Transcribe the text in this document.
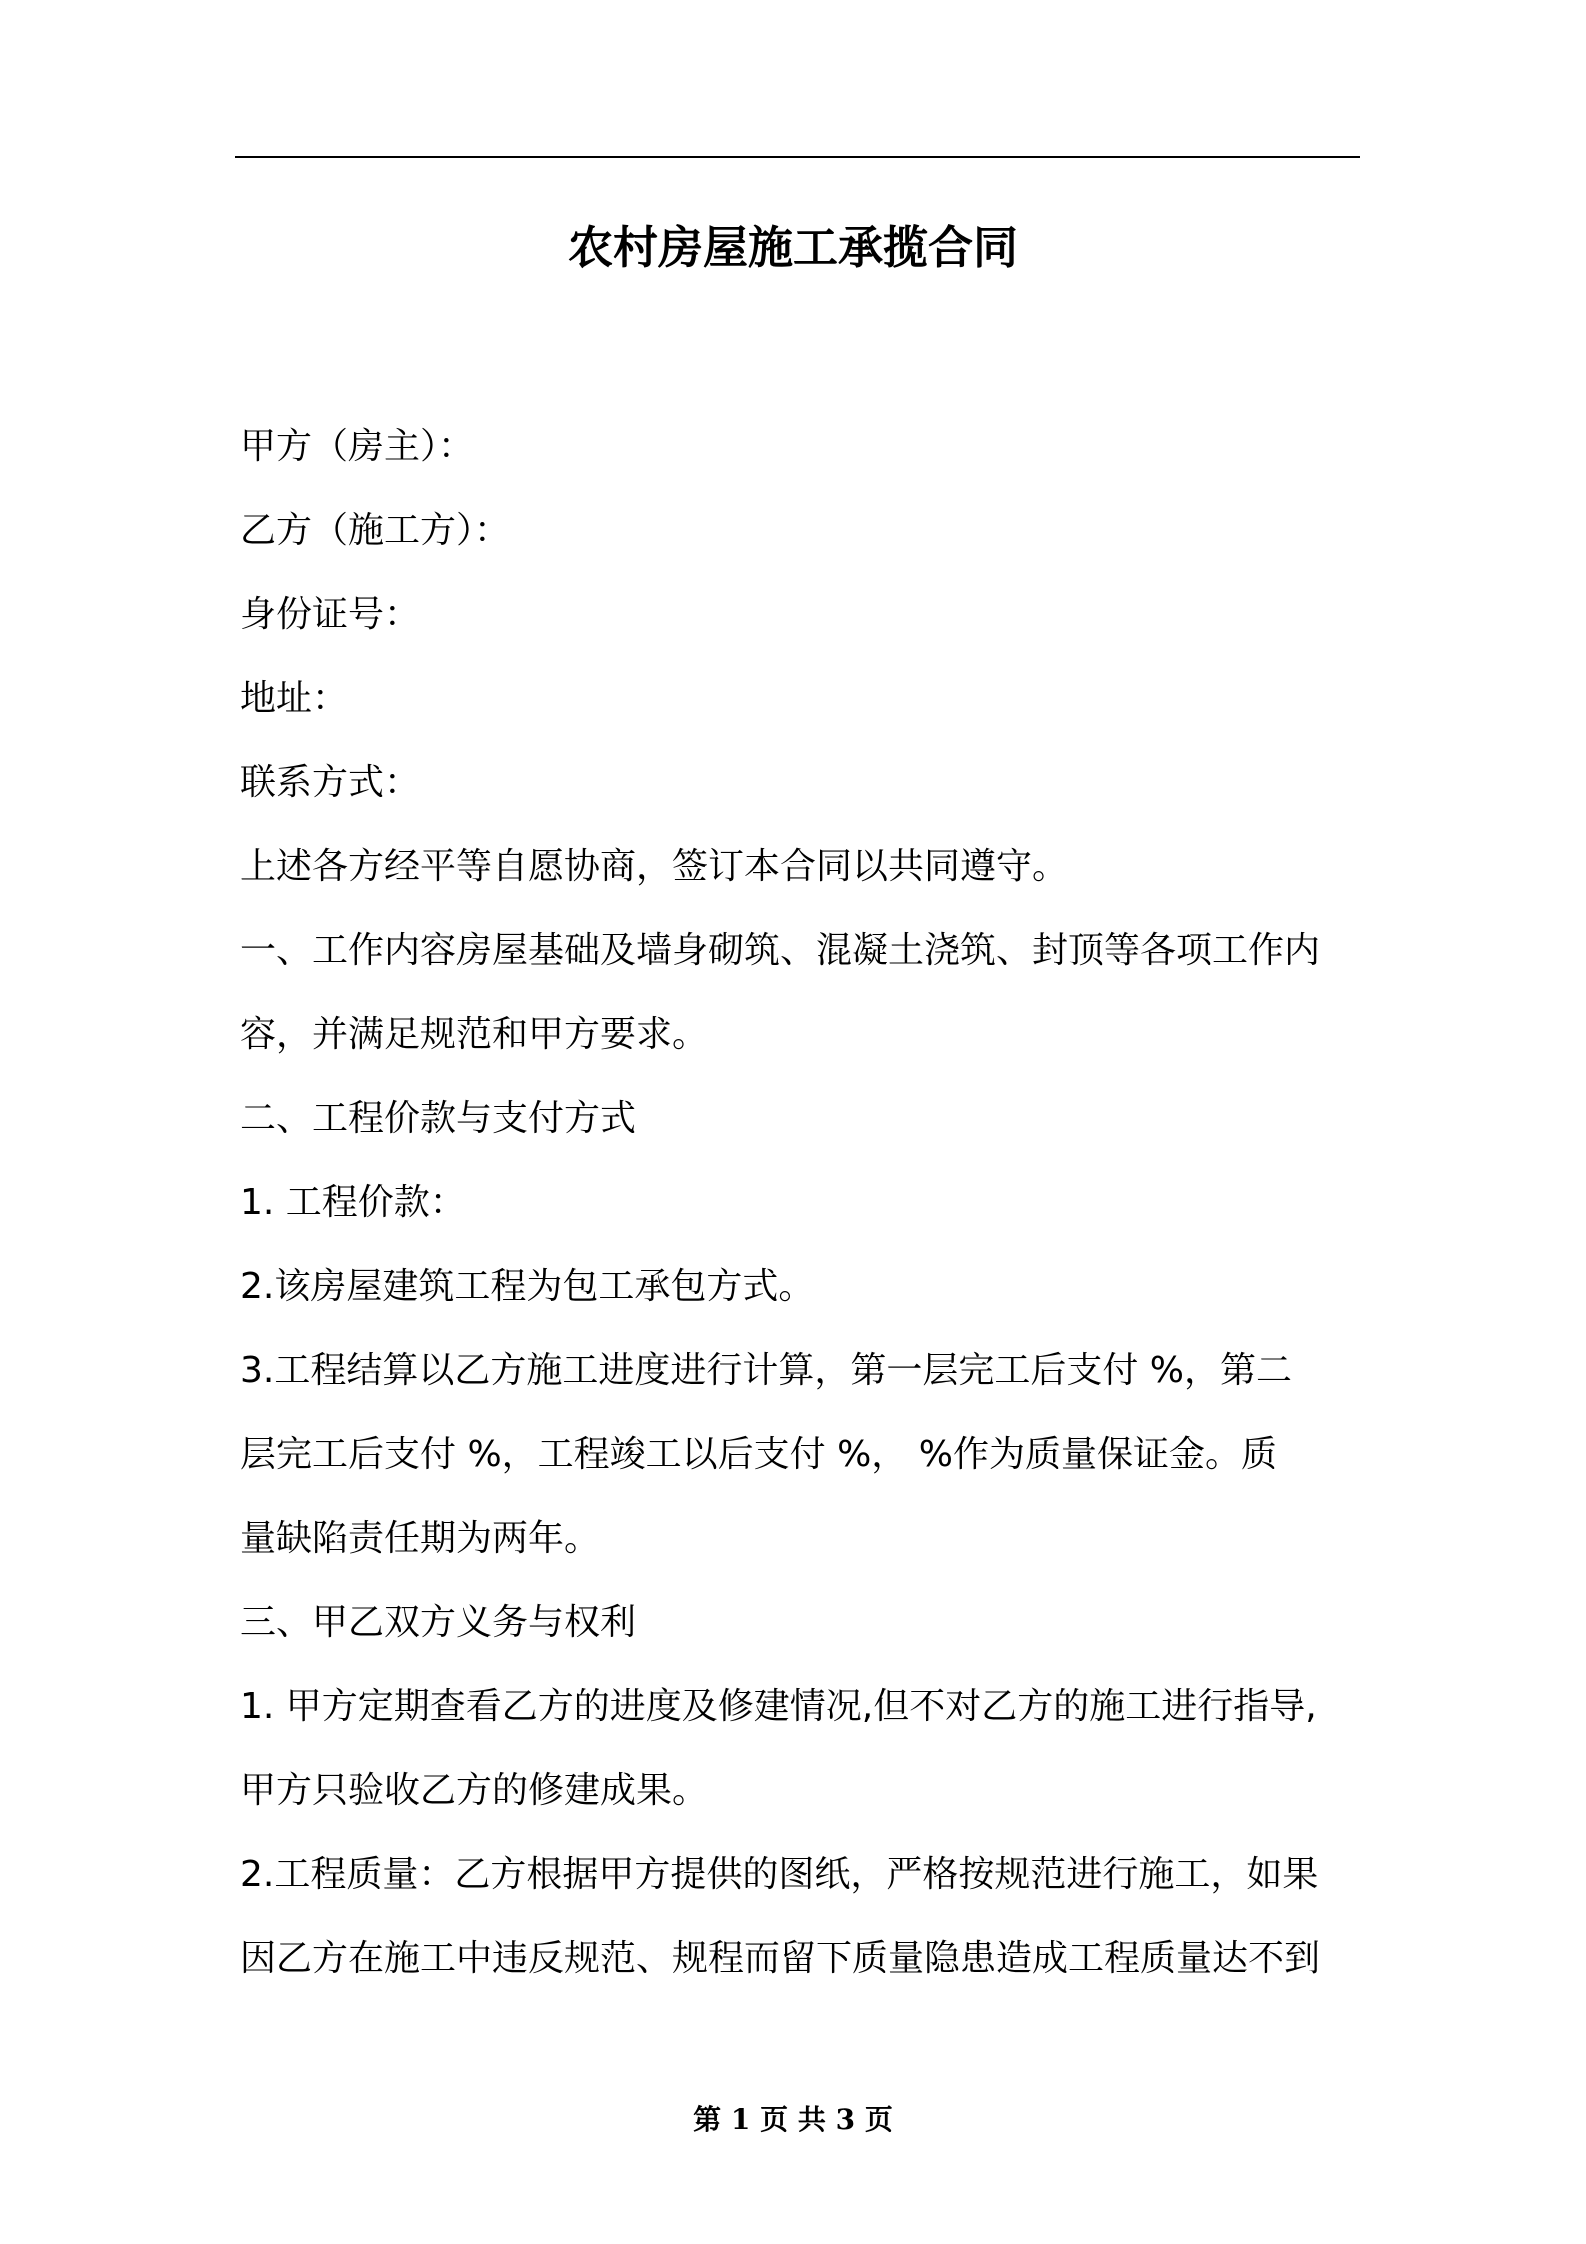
农村房屋施工承揽合同

甲方（房主）：

乙方（施工方）：

身份证号：

地址：

联系方式：

上述各方经平等自愿协商，签订本合同以共同遵守。

一、工作内容房屋基础及墙身砌筑、混凝土浇筑、封顶等各项工作内

容，并满足规范和甲方要求。

二、工程价款与支付方式

1. 工程价款：

2.该房屋建筑工程为包工承包方式。

3.工程结算以乙方施工进度进行计算，第一层完工后支付 %，第二

层完工后支付 %，工程竣工以后支付 %， %作为质量保证金。质

量缺陷责任期为两年。

三、甲乙双方义务与权利

1. 甲方定期查看乙方的进度及修建情况,但不对乙方的施工进行指导,

甲方只验收乙方的修建成果。

2.工程质量：乙方根据甲方提供的图纸，严格按规范进行施工，如果

因乙方在施工中违反规范、规程而留下质量隐患造成工程质量达不到

第 1 页 共 3 页
